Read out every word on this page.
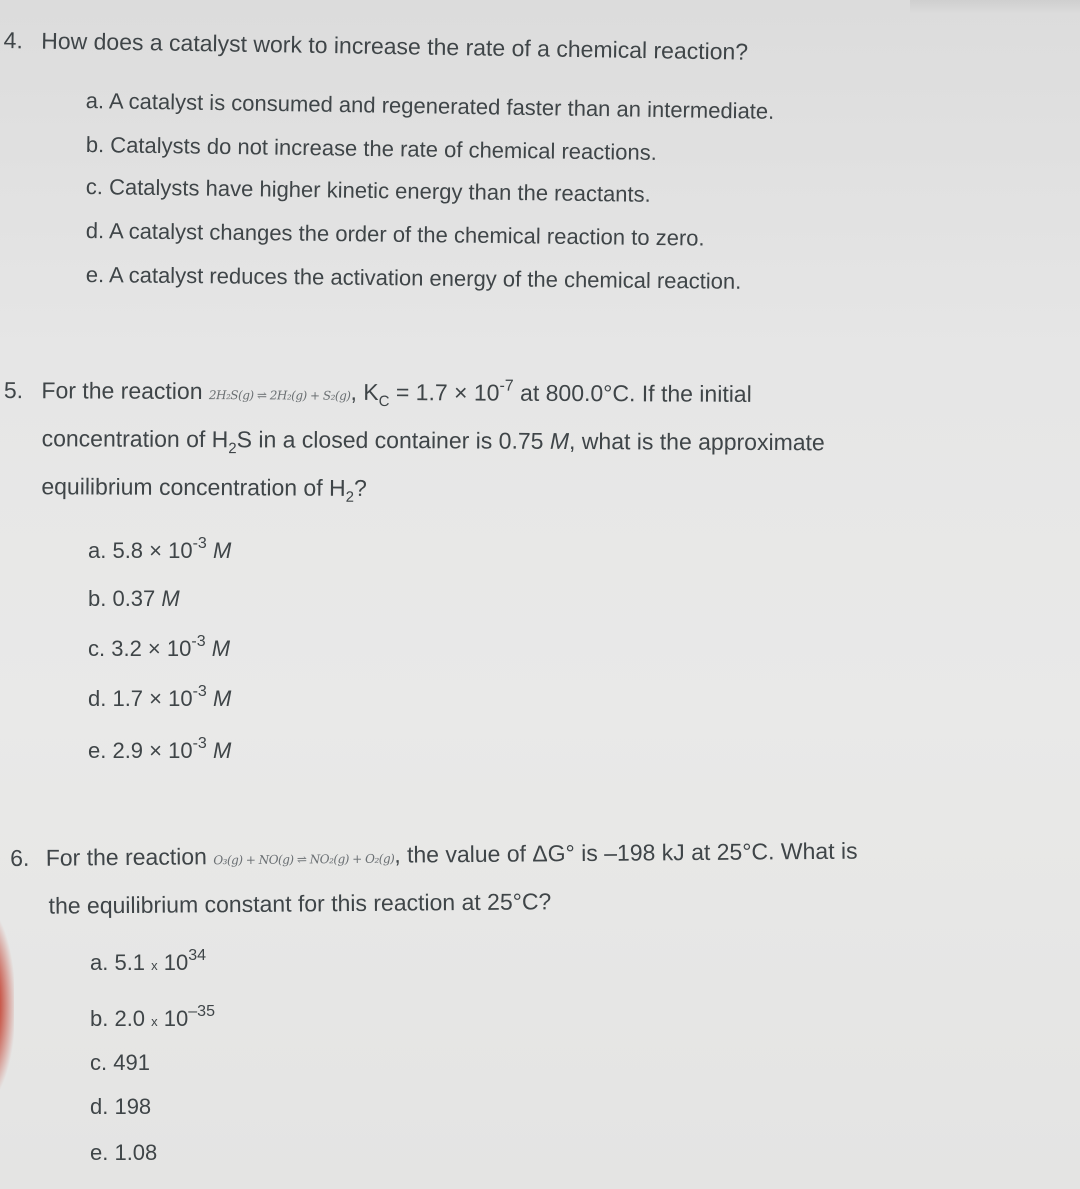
4. How does a catalyst work to increase the rate of a chemical reaction?
a. A catalyst is consumed and regenerated faster than an intermediate.
b. Catalysts do not increase the rate of chemical reactions.
c. Catalysts have higher kinetic energy than the reactants.
d. A catalyst changes the order of the chemical reaction to zero.
e. A catalyst reduces the activation energy of the chemical reaction.
5. For the reaction 2H₂S(g) ⇌ 2H₂(g) + S₂(g), $K_C = 1.7 \times 10^{-7}$ at 800.0°C. If the initial
concentration of $H_2S$ in a closed container is 0.75 M, what is the approximate
equilibrium concentration of $H_2$?
a. $5.8 \times 10^{-3}$ M
b. 0.37 M
c. $3.2 \times 10^{-3}$ M
d. $1.7 \times 10^{-3}$ M
e. $2.9 \times 10^{-3}$ M
6. For the reaction O₃(g) + NO(g) ⇌ NO₂(g) + O₂(g), the value of ΔG° is –198 kJ at 25°C. What is
the equilibrium constant for this reaction at 25°C?
a. 5.1 x $10^{34}$
b. 2.0 x $10^{-35}$
c. 491
d. 198
e. 1.08
